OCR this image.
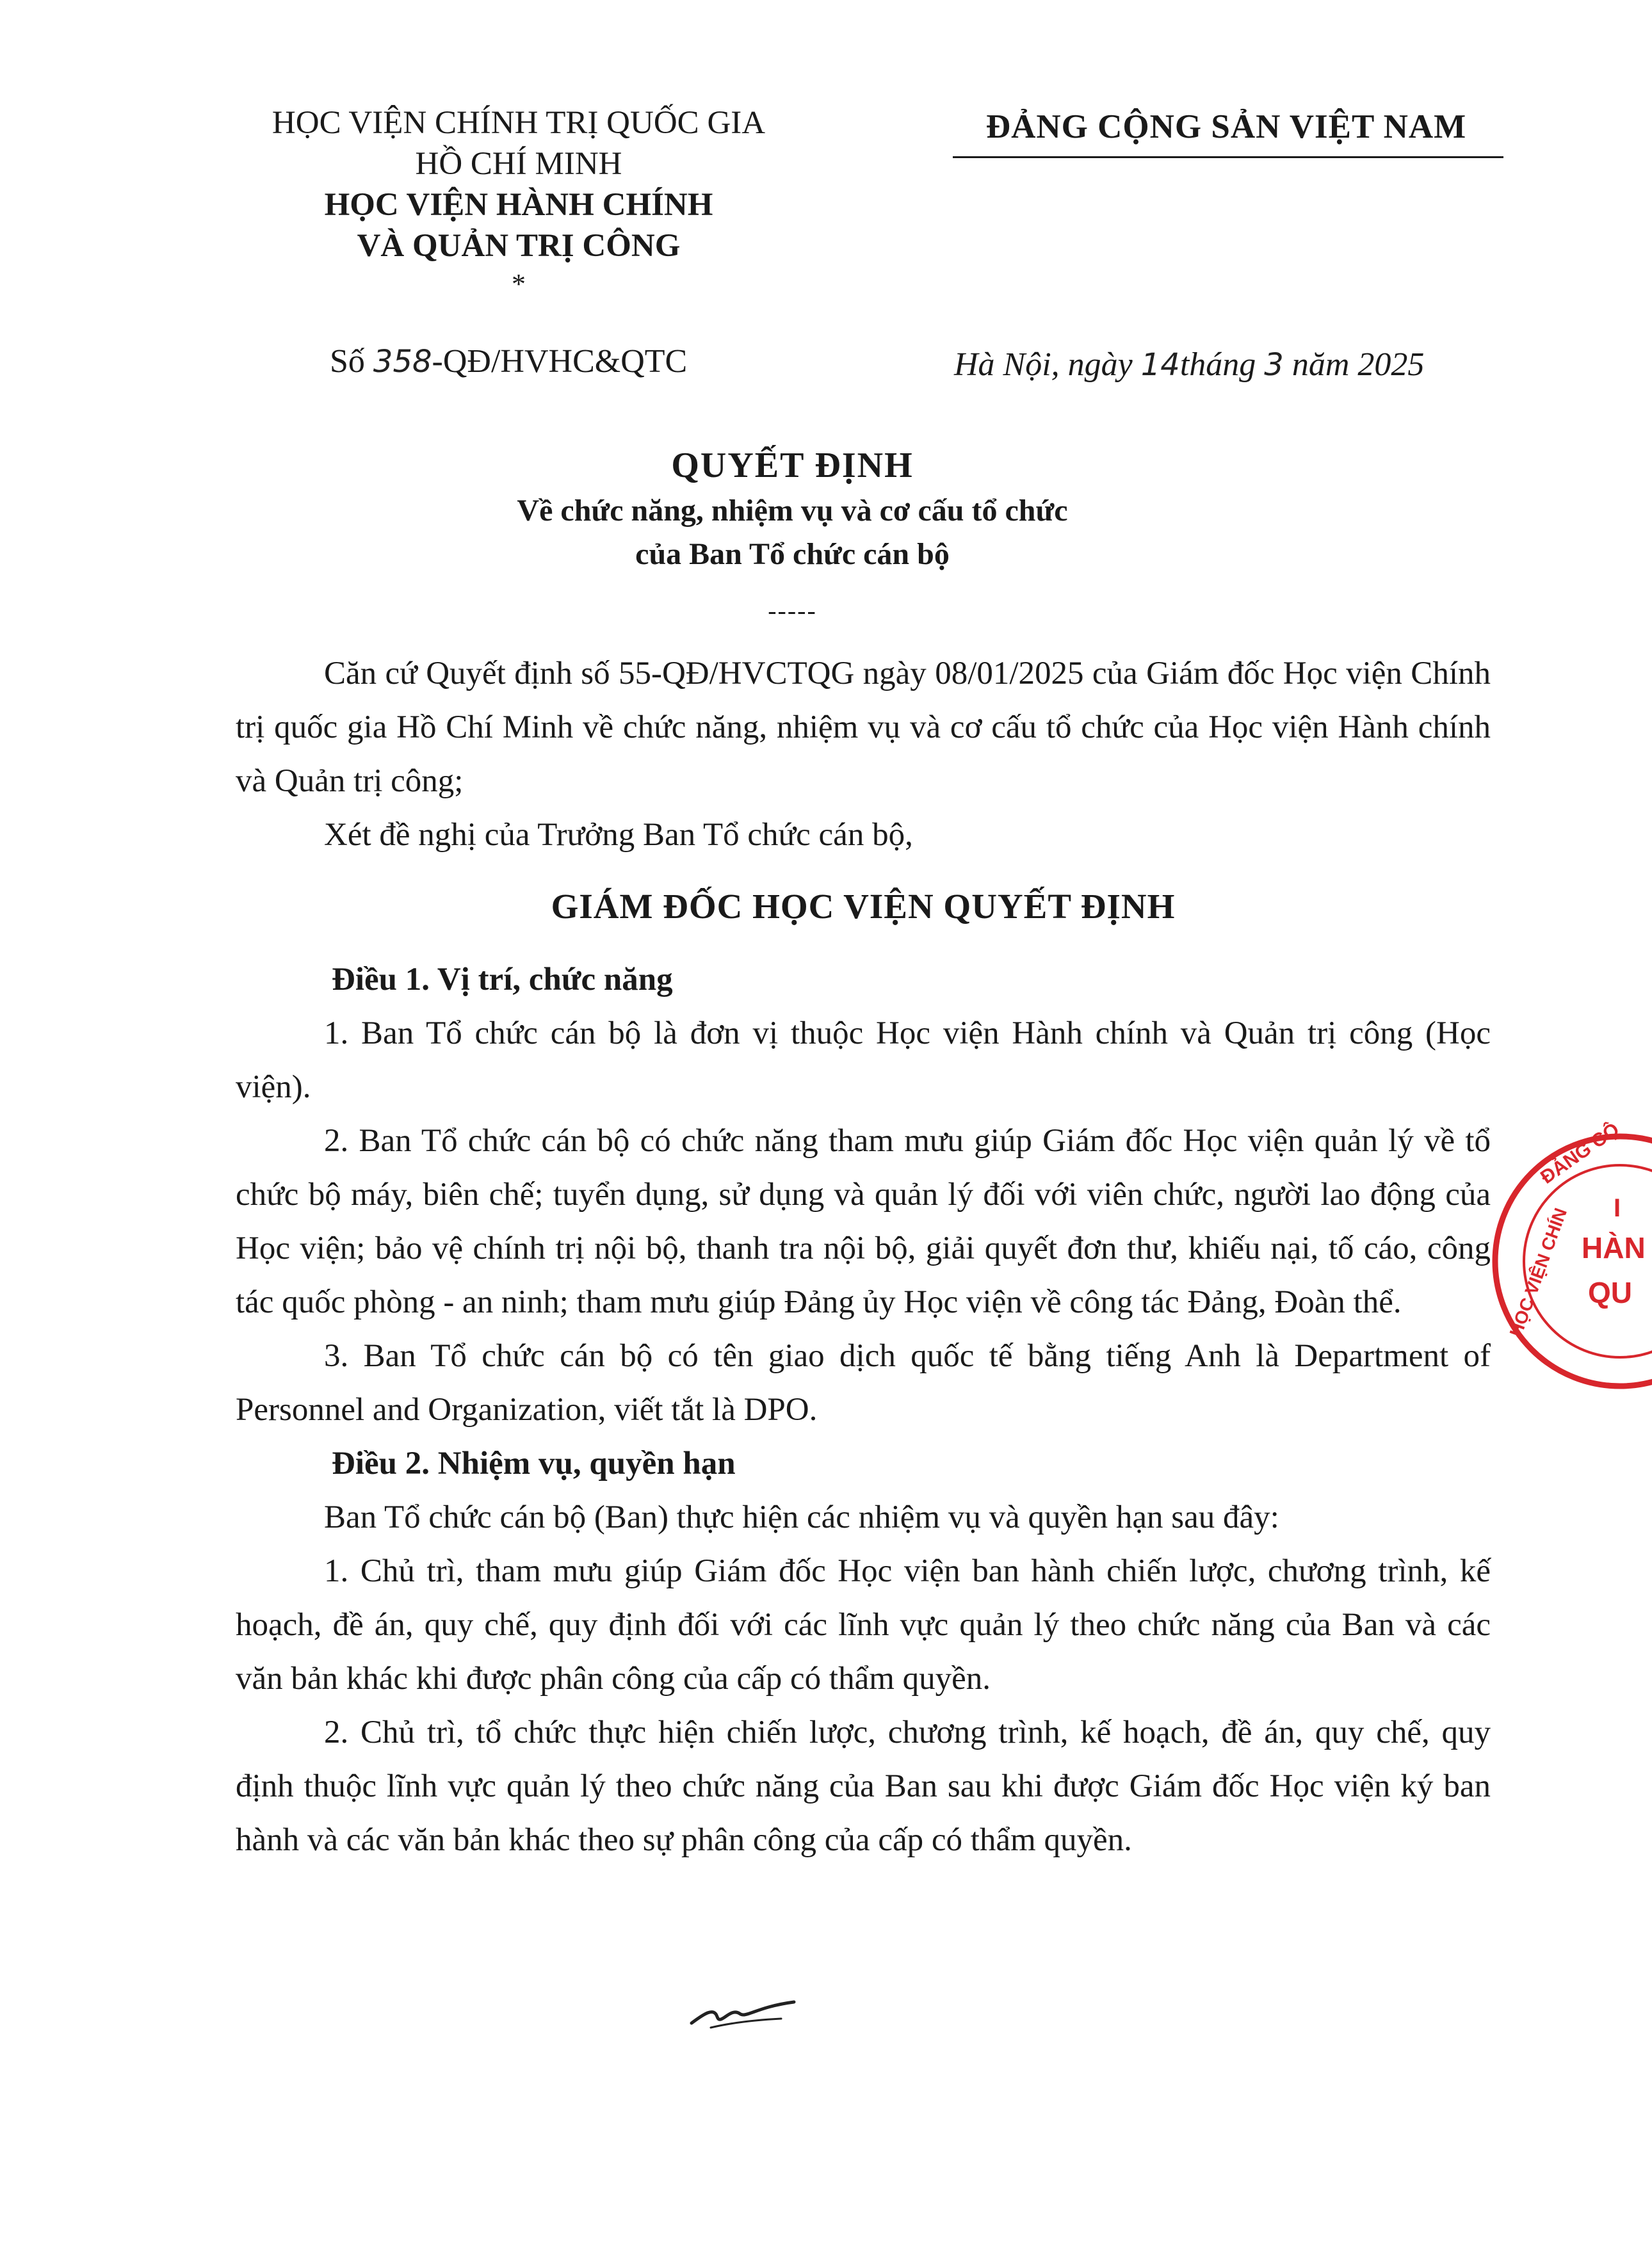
HỌC VIỆN CHÍNH TRỊ QUỐC GIA
HỒ CHÍ MINH
HỌC VIỆN HÀNH CHÍNH
VÀ QUẢN TRỊ CÔNG
*
ĐẢNG CỘNG SẢN VIỆT NAM
Số 358-QĐ/HVHC&QTC	Hà Nội, ngày 14tháng 3 năm 2025
QUYẾT ĐỊNH
Về chức năng, nhiệm vụ và cơ cấu tổ chức
của Ban Tổ chức cán bộ
-----

Căn cứ Quyết định số 55-QĐ/HVCTQG ngày 08/01/2025 của Giám đốc Học viện Chính trị quốc gia Hồ Chí Minh về chức năng, nhiệm vụ và cơ cấu tổ chức của Học viện Hành chính và Quản trị công;

Xét đề nghị của Trưởng Ban Tổ chức cán bộ,

GIÁM ĐỐC HỌC VIỆN QUYẾT ĐỊNH

Điều 1. Vị trí, chức năng

1. Ban Tổ chức cán bộ là đơn vị thuộc Học viện Hành chính và Quản trị công (Học viện).

2. Ban Tổ chức cán bộ có chức năng tham mưu giúp Giám đốc Học viện quản lý về tổ chức bộ máy, biên chế; tuyển dụng, sử dụng và quản lý đối với viên chức, người lao động của Học viện; bảo vệ chính trị nội bộ, thanh tra nội bộ, giải quyết đơn thư, khiếu nại, tố cáo, công tác quốc phòng - an ninh; tham mưu giúp Đảng ủy Học viện về công tác Đảng, Đoàn thể.

3. Ban Tổ chức cán bộ có tên giao dịch quốc tế bằng tiếng Anh là Department of Personnel and Organization, viết tắt là DPO.

Điều 2. Nhiệm vụ, quyền hạn

Ban Tổ chức cán bộ (Ban) thực hiện các nhiệm vụ và quyền hạn sau đây:

1. Chủ trì, tham mưu giúp Giám đốc Học viện ban hành chiến lược, chương trình, kế hoạch, đề án, quy chế, quy định đối với các lĩnh vực quản lý theo chức năng của Ban và các văn bản khác khi được phân công của cấp có thẩm quyền.

2. Chủ trì, tổ chức thực hiện chiến lược, chương trình, kế hoạch, đề án, quy chế, quy định thuộc lĩnh vực quản lý theo chức năng của Ban sau khi được Giám đốc Học viện ký ban hành và các văn bản khác theo sự phân công của cấp có thẩm quyền.

ĐẢNG CỘ
HỌC VIỆN CHÍN HÀN
QU
I
